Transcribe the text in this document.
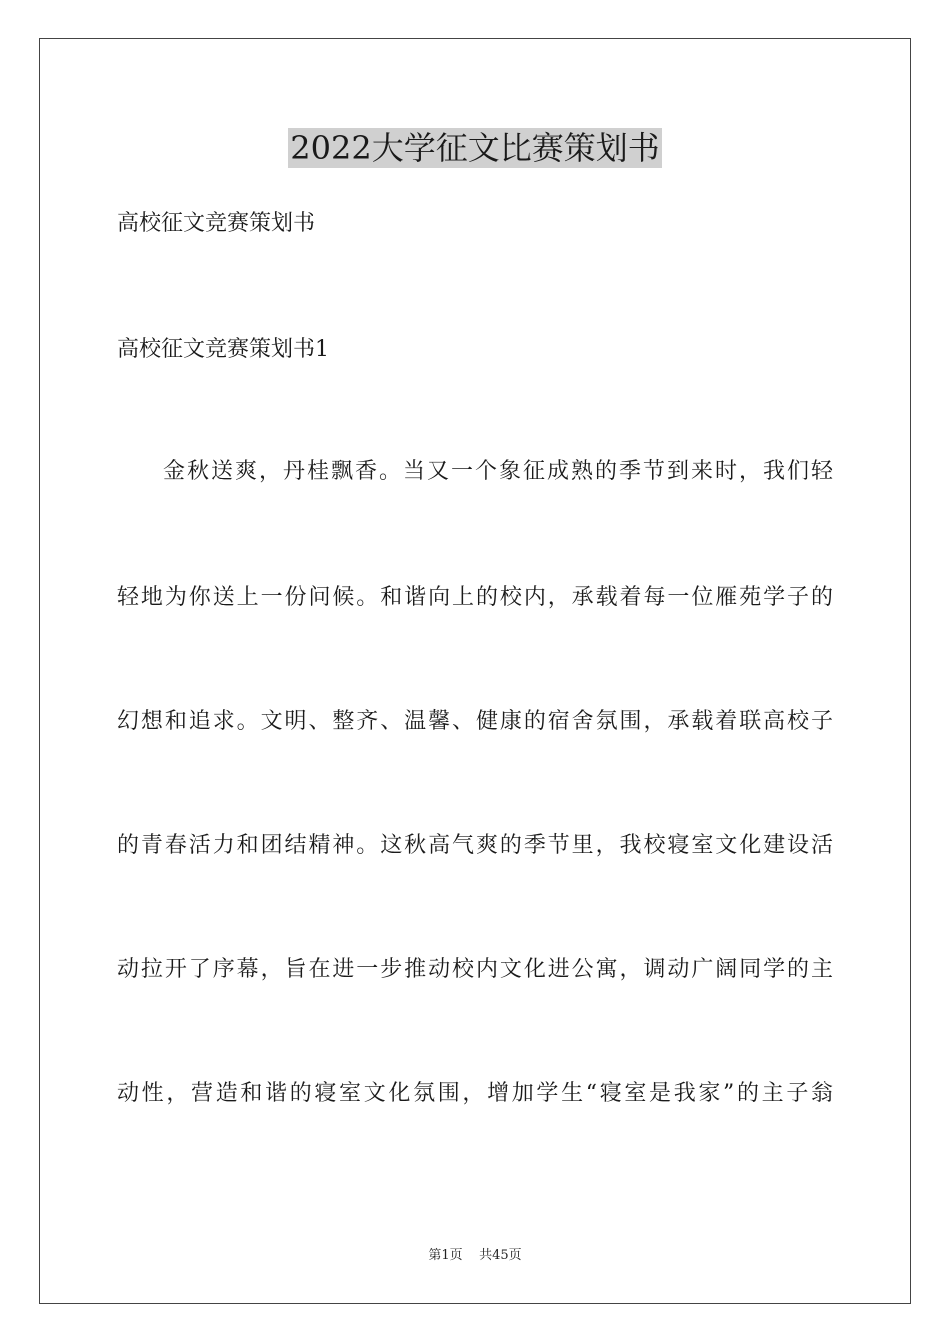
2022大学征文比赛策划书
高校征文竞赛策划书
高校征文竞赛策划书1
金秋送爽，丹桂飘香。当又一个象征成熟的季节到来时，我们轻
轻地为你送上一份问候。和谐向上的校内，承载着每一位雁苑学子的
幻想和追求。文明、整齐、温馨、健康的宿舍氛围，承载着联高校子
的青春活力和团结精神。这秋高气爽的季节里，我校寝室文化建设活
动拉开了序幕，旨在进一步推动校内文化进公寓，调动广阔同学的主
动性，营造和谐的寝室文化氛围，增加学生“寝室是我家”的主子翁
第1页 共45页
